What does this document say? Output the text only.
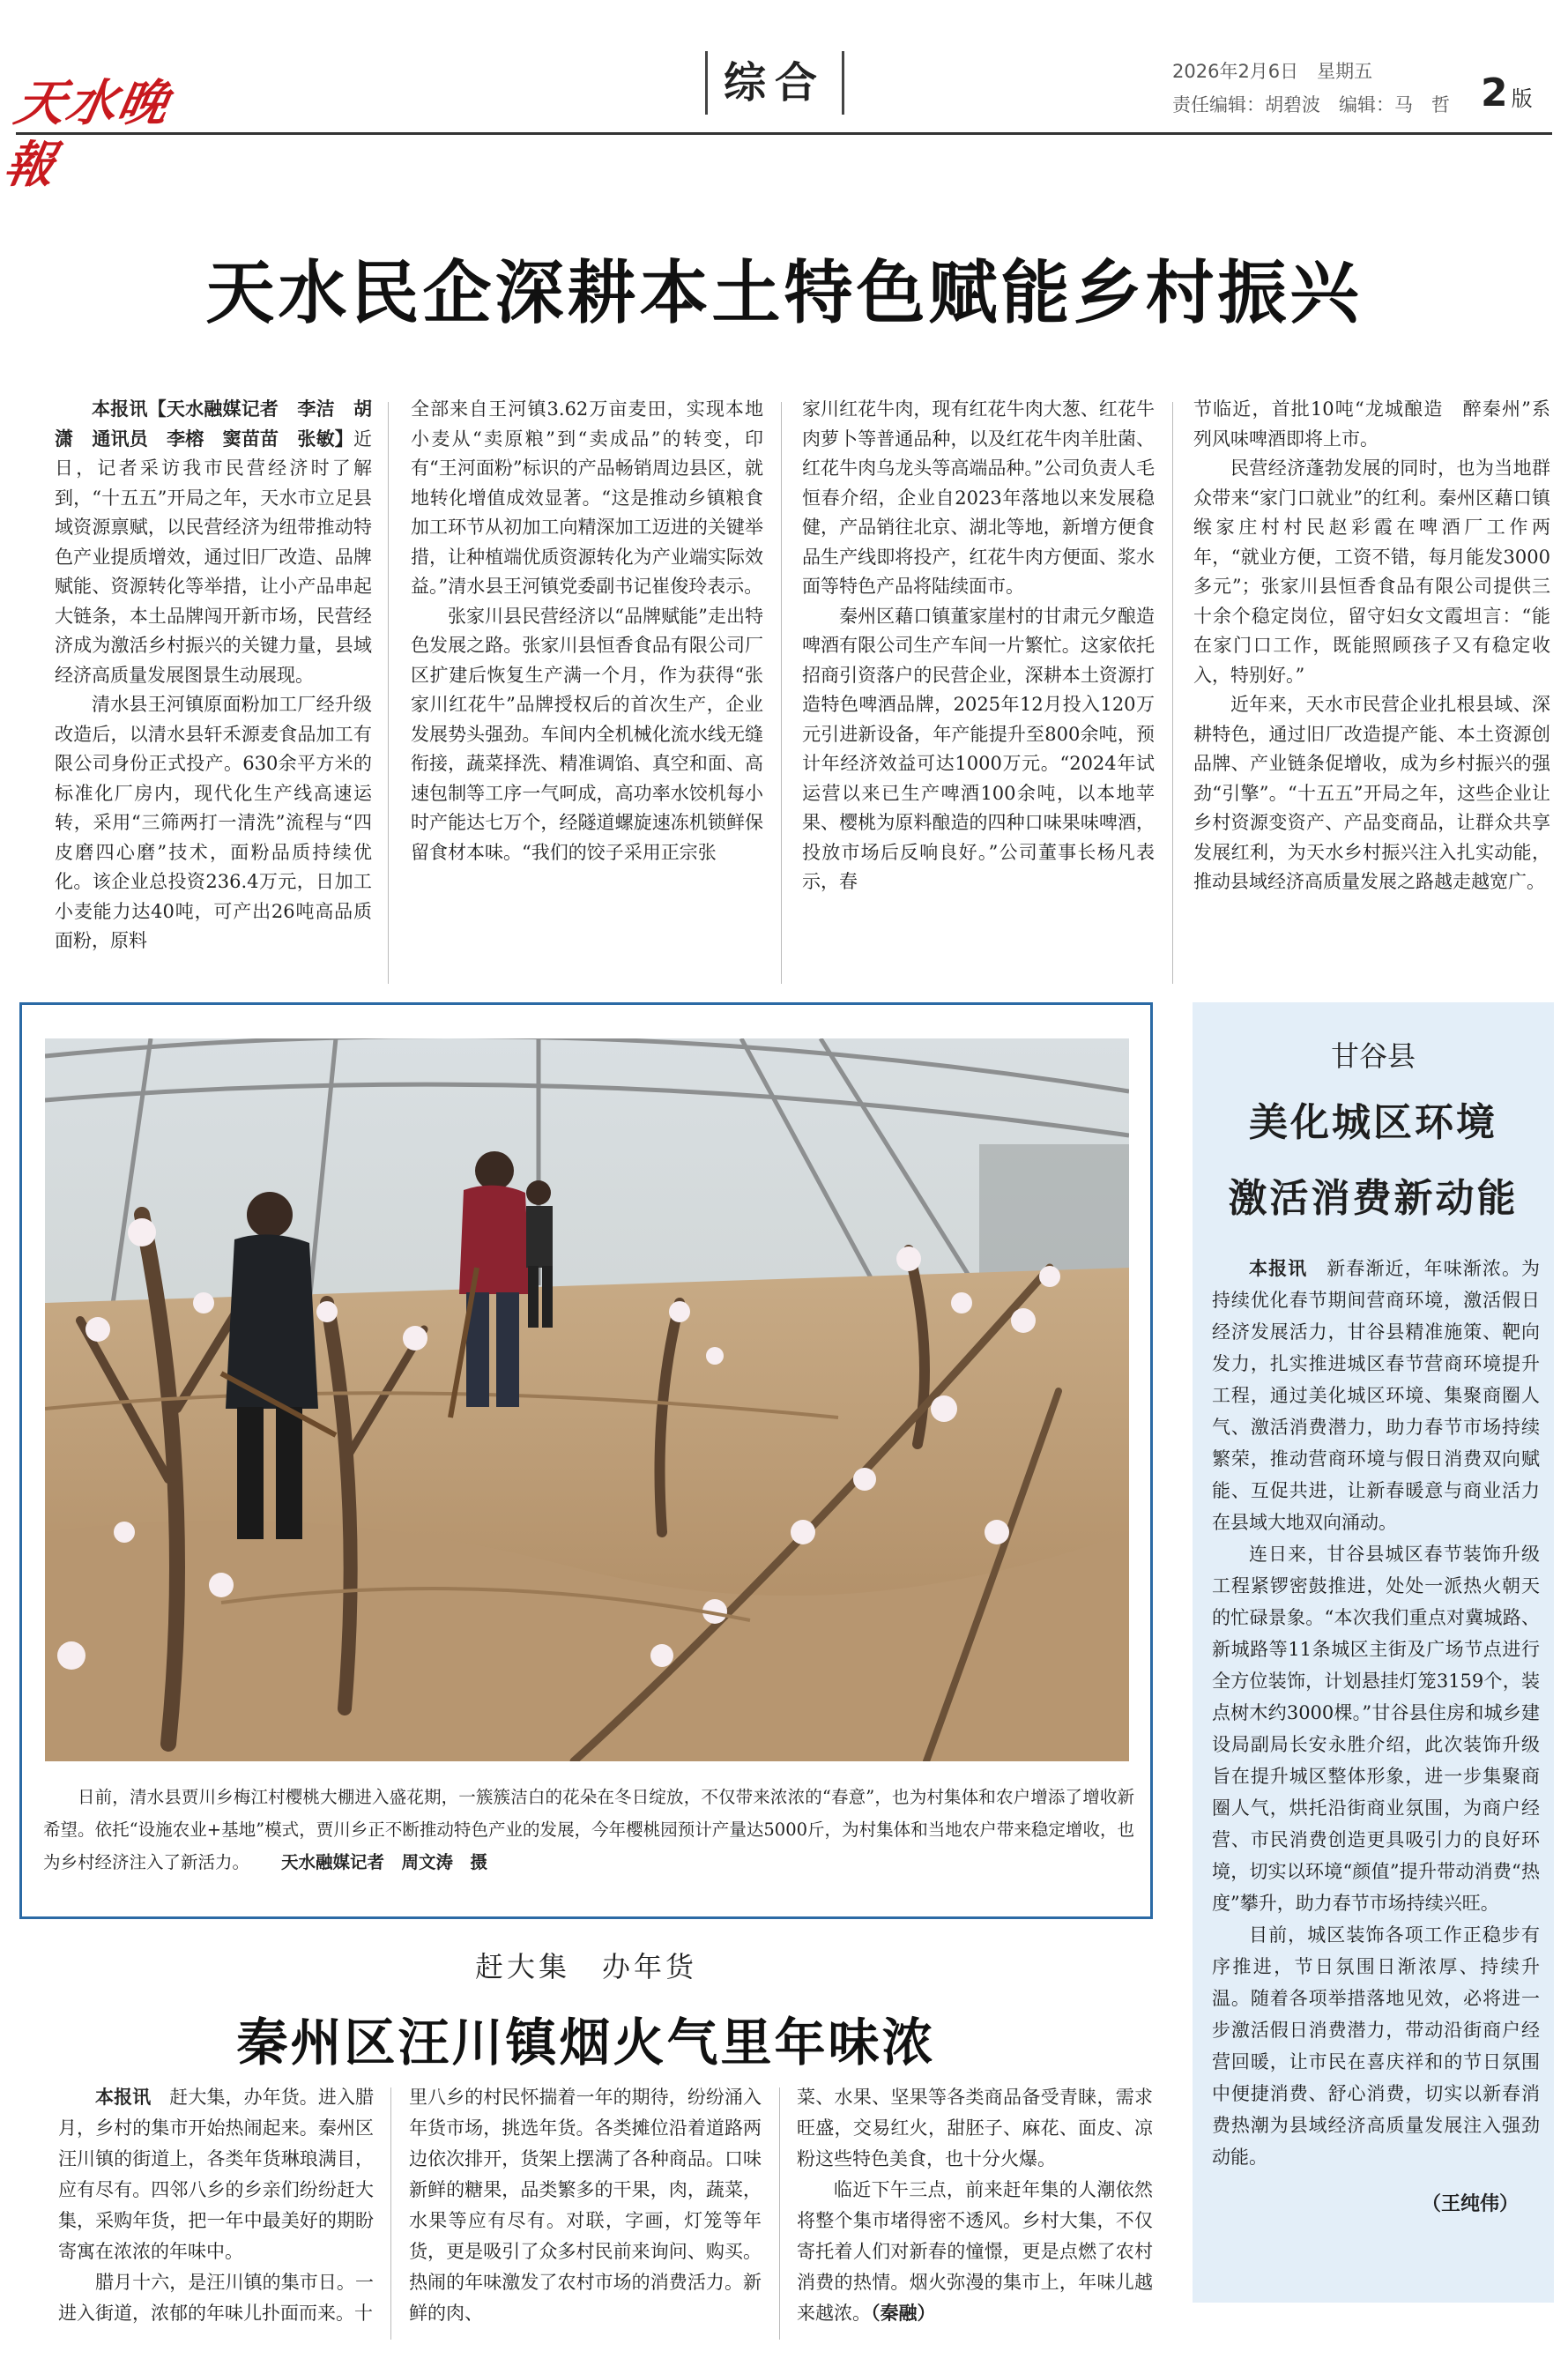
天水晚報
综合	2026年2月6日　星期五
责任编辑：胡碧波　编辑：马　哲 2 版
天水民企深耕本土特色赋能乡村振兴

本报讯【天水融媒记者　李洁　胡潇　通讯员　李榕　窦苗苗　张敏】近日，记者采访我市民营经济时了解到，“十五五”开局之年，天水市立足县域资源禀赋，以民营经济为纽带推动特色产业提质增效，通过旧厂改造、品牌赋能、资源转化等举措，让小产品串起大链条，本土品牌闯开新市场，民营经济成为激活乡村振兴的关键力量，县域经济高质量发展图景生动展现。

清水县王河镇原面粉加工厂经升级改造后，以清水县轩禾源麦食品加工有限公司身份正式投产。630余平方米的标准化厂房内，现代化生产线高速运转，采用“三筛两打一清洗”流程与“四皮磨四心磨”技术，面粉品质持续优化。该企业总投资236.4万元，日加工小麦能力达40吨，可产出26吨高品质面粉，原料

全部来自王河镇3.62万亩麦田，实现本地小麦从“卖原粮”到“卖成品”的转变，印有“王河面粉”标识的产品畅销周边县区，就地转化增值成效显著。“这是推动乡镇粮食加工环节从初加工向精深加工迈进的关键举措，让种植端优质资源转化为产业端实际效益。”清水县王河镇党委副书记崔俊玲表示。

张家川县民营经济以“品牌赋能”走出特色发展之路。张家川县恒香食品有限公司厂区扩建后恢复生产满一个月，作为获得“张家川红花牛”品牌授权后的首次生产，企业发展势头强劲。车间内全机械化流水线无缝衔接，蔬菜择洗、精准调馅、真空和面、高速包制等工序一气呵成，高功率水饺机每小时产能达七万个，经隧道螺旋速冻机锁鲜保留食材本味。“我们的饺子采用正宗张

家川红花牛肉，现有红花牛肉大葱、红花牛肉萝卜等普通品种，以及红花牛肉羊肚菌、红花牛肉乌龙头等高端品种。”公司负责人毛恒春介绍，企业自2023年落地以来发展稳健，产品销往北京、湖北等地，新增方便食品生产线即将投产，红花牛肉方便面、浆水面等特色产品将陆续面市。

秦州区藉口镇董家崖村的甘肃元夕酿造啤酒有限公司生产车间一片繁忙。这家依托招商引资落户的民营企业，深耕本土资源打造特色啤酒品牌，2025年12月投入120万元引进新设备，年产能提升至800余吨，预计年经济效益可达1000万元。“2024年试运营以来已生产啤酒100余吨，以本地苹果、樱桃为原料酿造的四种口味果味啤酒，投放市场后反响良好。”公司董事长杨凡表示，春

节临近，首批10吨“龙城酿造　醉秦州”系列风味啤酒即将上市。

民营经济蓬勃发展的同时，也为当地群众带来“家门口就业”的红利。秦州区藉口镇缑家庄村村民赵彩霞在啤酒厂工作两年，“就业方便，工资不错，每月能发3000多元”；张家川县恒香食品有限公司提供三十余个稳定岗位，留守妇女文霞坦言：“能在家门口工作，既能照顾孩子又有稳定收入，特别好。”

近年来，天水市民营企业扎根县域、深耕特色，通过旧厂改造提产能、本土资源创品牌、产业链条促增收，成为乡村振兴的强劲“引擎”。“十五五”开局之年，这些企业让乡村资源变资产、产品变商品，让群众共享发展红利，为天水乡村振兴注入扎实动能，推动县域经济高质量发展之路越走越宽广。

日前，清水县贾川乡梅江村樱桃大棚进入盛花期，一簇簇洁白的花朵在冬日绽放，不仅带来浓浓的“春意”，也为村集体和农户增添了增收新希望。依托“设施农业+基地”模式，贾川乡正不断推动特色产业的发展，今年樱桃园预计产量达5000斤，为村集体和当地农户带来稳定增收，也为乡村经济注入了新活力。 天水融媒记者　周文涛　摄
甘谷县
美化城区环境
激活消费新动能

本报讯　 新春渐近，年味渐浓。为持续优化春节期间营商环境，激活假日经济发展活力，甘谷县精准施策、靶向发力，扎实推进城区春节营商环境提升工程，通过美化城区环境、集聚商圈人气、激活消费潜力，助力春节市场持续繁荣，推动营商环境与假日消费双向赋能、互促共进，让新春暖意与商业活力在县域大地双向涌动。

连日来，甘谷县城区春节装饰升级工程紧锣密鼓推进，处处一派热火朝天的忙碌景象。“本次我们重点对冀城路、新城路等11条城区主街及广场节点进行全方位装饰，计划悬挂灯笼3159个，装点树木约3000棵。”甘谷县住房和城乡建设局副局长安永胜介绍，此次装饰升级旨在提升城区整体形象，进一步集聚商圈人气，烘托沿街商业氛围，为商户经营、市民消费创造更具吸引力的良好环境，切实以环境“颜值”提升带动消费“热度”攀升，助力春节市场持续兴旺。

目前，城区装饰各项工作正稳步有序推进，节日氛围日渐浓厚、持续升温。随着各项举措落地见效，必将进一步激活假日消费潜力，带动沿街商户经营回暖，让市民在喜庆祥和的节日氛围中便捷消费、舒心消费，切实以新春消费热潮为县域经济高质量发展注入强劲动能。

（王纯伟）
赶大集　办年货
秦州区汪川镇烟火气里年味浓

本报讯　 赶大集，办年货。进入腊月，乡村的集市开始热闹起来。秦州区汪川镇的街道上，各类年货琳琅满目，应有尽有。四邻八乡的乡亲们纷纷赶大集，采购年货，把一年中最美好的期盼寄寓在浓浓的年味中。

腊月十六，是汪川镇的集市日。一进入街道，浓郁的年味儿扑面而来。十

里八乡的村民怀揣着一年的期待，纷纷涌入年货市场，挑选年货。各类摊位沿着道路两边依次排开，货架上摆满了各种商品。口味新鲜的糖果，品类繁多的干果，肉，蔬菜，水果等应有尽有。对联，字画，灯笼等年货，更是吸引了众多村民前来询问、购买。热闹的年味激发了农村市场的消费活力。新鲜的肉、

菜、水果、坚果等各类商品备受青睐，需求旺盛，交易红火，甜胚子、麻花、面皮、凉粉这些特色美食，也十分火爆。

临近下午三点，前来赶年集的人潮依然将整个集市堵得密不透风。乡村大集，不仅寄托着人们对新春的憧憬，更是点燃了农村消费的热情。烟火弥漫的集市上，年味儿越来越浓。（秦融）
